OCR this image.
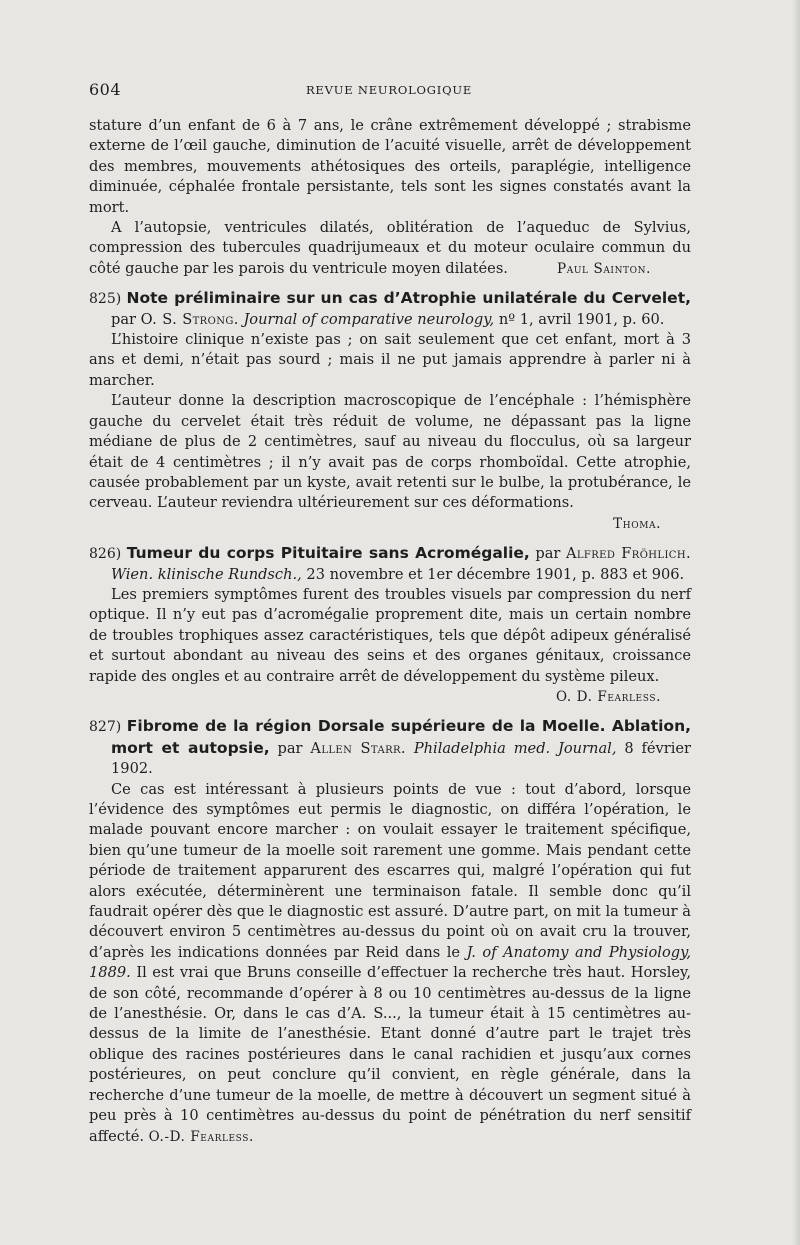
604	REVUE NEUROLOGIQUE

stature d’un enfant de 6 à 7 ans, le crâne extrêmement développé ; strabisme externe de l’œil gauche, diminution de l’acuité visuelle, arrêt de développement des membres, mouvements athétosiques des orteils, paraplégie, intelligence diminuée, céphalée frontale persistante, tels sont les signes constatés avant la mort.

A l’autopsie, ventricules dilatés, oblitération de l’aqueduc de Sylvius, compression des tubercules quadrijumeaux et du moteur oculaire commun du côté gauche par les parois du ventricule moyen dilatées.	Paul Sainton.

825) Note préliminaire sur un cas d’Atrophie unilatérale du Cervelet, par O. S. Strong. Journal of comparative neurology, nº 1, avril 1901, p. 60.

L’histoire clinique n’existe pas ; on sait seulement que cet enfant, mort à 3 ans et demi, n’était pas sourd ; mais il ne put jamais apprendre à parler ni à marcher.

L’auteur donne la description macroscopique de l’encéphale : l’hémisphère gauche du cervelet était très réduit de volume, ne dépassant pas la ligne médiane de plus de 2 centimètres, sauf au niveau du flocculus, où sa largeur était de 4 centimètres ; il n’y avait pas de corps rhomboïdal. Cette atrophie, causée probablement par un kyste, avait retenti sur le bulbe, la protubérance, le cerveau. L’auteur reviendra ultérieurement sur ces déformations.

Thoma.

826) Tumeur du corps Pituitaire sans Acromégalie, par Alfred Fröhlich. Wien. klinische Rundsch., 23 novembre et 1er décembre 1901, p. 883 et 906.

Les premiers symptômes furent des troubles visuels par compression du nerf optique. Il n’y eut pas d’acromégalie proprement dite, mais un certain nombre de troubles trophiques assez caractéristiques, tels que dépôt adipeux généralisé et surtout abondant au niveau des seins et des organes génitaux, croissance rapide des ongles et au contraire arrêt de développement du système pileux.

O. D. Fearless.

827) Fibrome de la région Dorsale supérieure de la Moelle. Ablation, mort et autopsie, par Allen Starr. Philadelphia med. Journal, 8 février 1902.

Ce cas est intéressant à plusieurs points de vue : tout d’abord, lorsque l’évidence des symptômes eut permis le diagnostic, on différa l’opération, le malade pouvant encore marcher : on voulait essayer le traitement spécifique, bien qu’une tumeur de la moelle soit rarement une gomme. Mais pendant cette période de traitement apparurent des escarres qui, malgré l’opération qui fut alors exécutée, déterminèrent une terminaison fatale. Il semble donc qu’il faudrait opérer dès que le diagnostic est assuré. D’autre part, on mit la tumeur à découvert environ 5 centimètres au-dessus du point où on avait cru la trouver, d’après les indications données par Reid dans le J. of Anatomy and Physiology, 1889. Il est vrai que Bruns conseille d’effectuer la recherche très haut. Horsley, de son côté, recommande d’opérer à 8 ou 10 centimètres au-dessus de la ligne de l’anesthésie. Or, dans le cas d’A. S..., la tumeur était à 15 centimètres au-dessus de la limite de l’anesthésie. Etant donné d’autre part le trajet très oblique des racines postérieures dans le canal rachidien et jusqu’aux cornes postérieures, on peut conclure qu’il convient, en règle générale, dans la recherche d’une tumeur de la moelle, de mettre à découvert un segment situé à peu près à 10 centimètres au-dessus du point de pénétration du nerf sensitif affecté. O.-D. Fearless.
